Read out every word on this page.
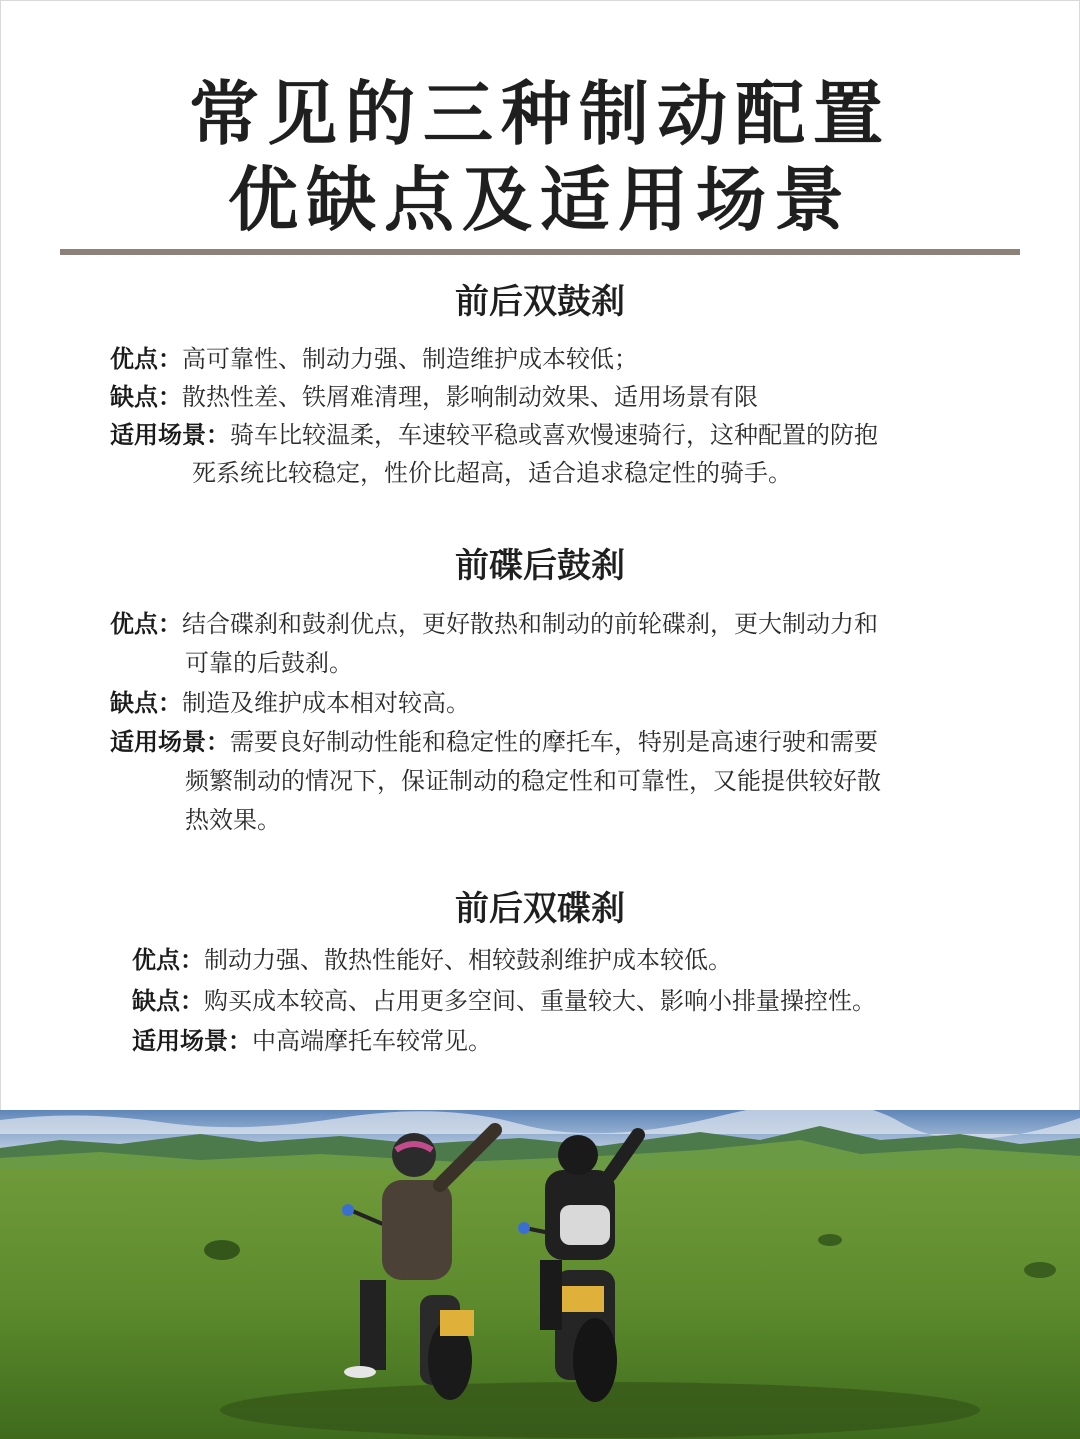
常见的三种制动配置
优缺点及适用场景
前后双鼓刹
优点：高可靠性、制动力强、制造维护成本较低；
缺点：散热性差、铁屑难清理，影响制动效果、适用场景有限
适用场景：骑车比较温柔，车速较平稳或喜欢慢速骑行，这种配置的防抱
死系统比较稳定，性价比超高，适合追求稳定性的骑手。
前碟后鼓刹
优点：结合碟刹和鼓刹优点，更好散热和制动的前轮碟刹，更大制动力和
可靠的后鼓刹。
缺点：制造及维护成本相对较高。
适用场景：需要良好制动性能和稳定性的摩托车，特别是高速行驶和需要
频繁制动的情况下，保证制动的稳定性和可靠性，又能提供较好散
热效果。
前后双碟刹
优点：制动力强、散热性能好、相较鼓刹维护成本较低。
缺点：购买成本较高、占用更多空间、重量较大、影响小排量操控性。
适用场景：中高端摩托车较常见。
